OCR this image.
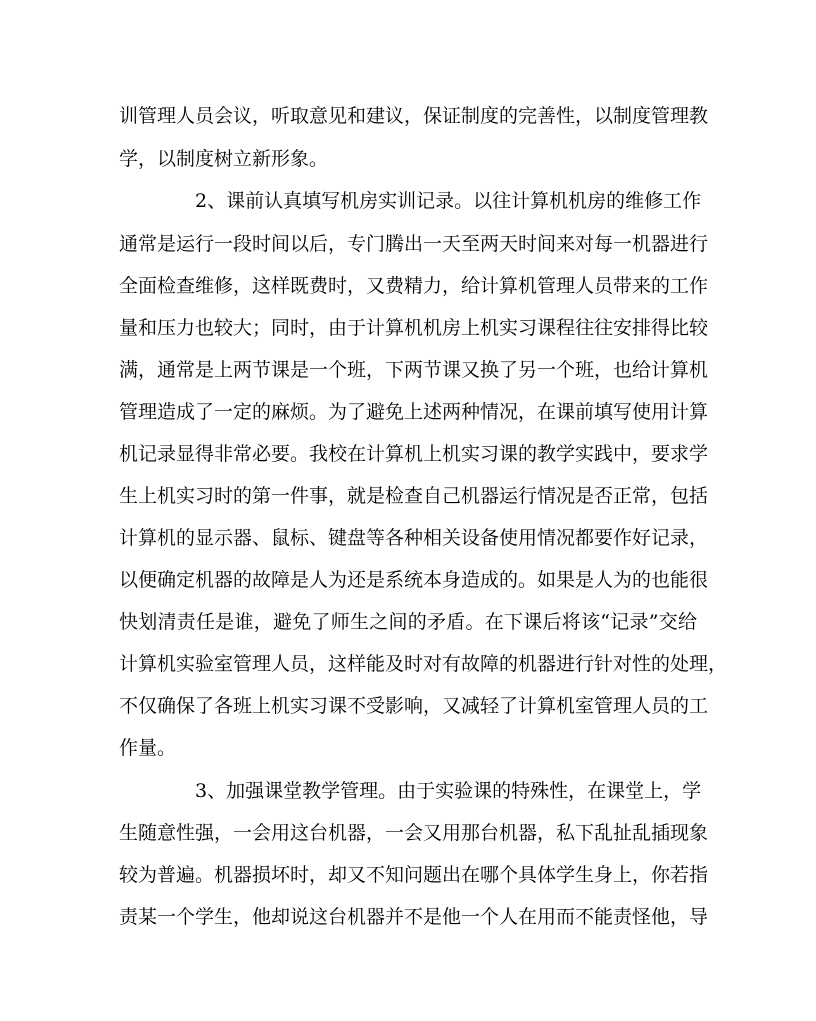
训管理人员会议，听取意见和建议，保证制度的完善性，以制度管理教
学，以制度树立新形象。
2、课前认真填写机房实训记录。以往计算机机房的维修工作
通常是运行一段时间以后，专门腾出一天至两天时间来对每一机器进行
全面检查维修，这样既费时，又费精力，给计算机管理人员带来的工作
量和压力也较大；同时，由于计算机机房上机实习课程往往安排得比较
满，通常是上两节课是一个班，下两节课又换了另一个班，也给计算机
管理造成了一定的麻烦。为了避免上述两种情况，在课前填写使用计算
机记录显得非常必要。我校在计算机上机实习课的教学实践中，要求学
生上机实习时的第一件事，就是检查自己机器运行情况是否正常，包括
计算机的显示器、鼠标、键盘等各种相关设备使用情况都要作好记录，
以便确定机器的故障是人为还是系统本身造成的。如果是人为的也能很
快划清责任是谁，避免了师生之间的矛盾。在下课后将该“记录”交给
计算机实验室管理人员，这样能及时对有故障的机器进行针对性的处理，
不仅确保了各班上机实习课不受影响，又减轻了计算机室管理人员的工
作量。
3、加强课堂教学管理。由于实验课的特殊性，在课堂上，学
生随意性强，一会用这台机器，一会又用那台机器，私下乱扯乱插现象
较为普遍。机器损坏时，却又不知问题出在哪个具体学生身上，你若指
责某一个学生，他却说这台机器并不是他一个人在用而不能责怪他，导
